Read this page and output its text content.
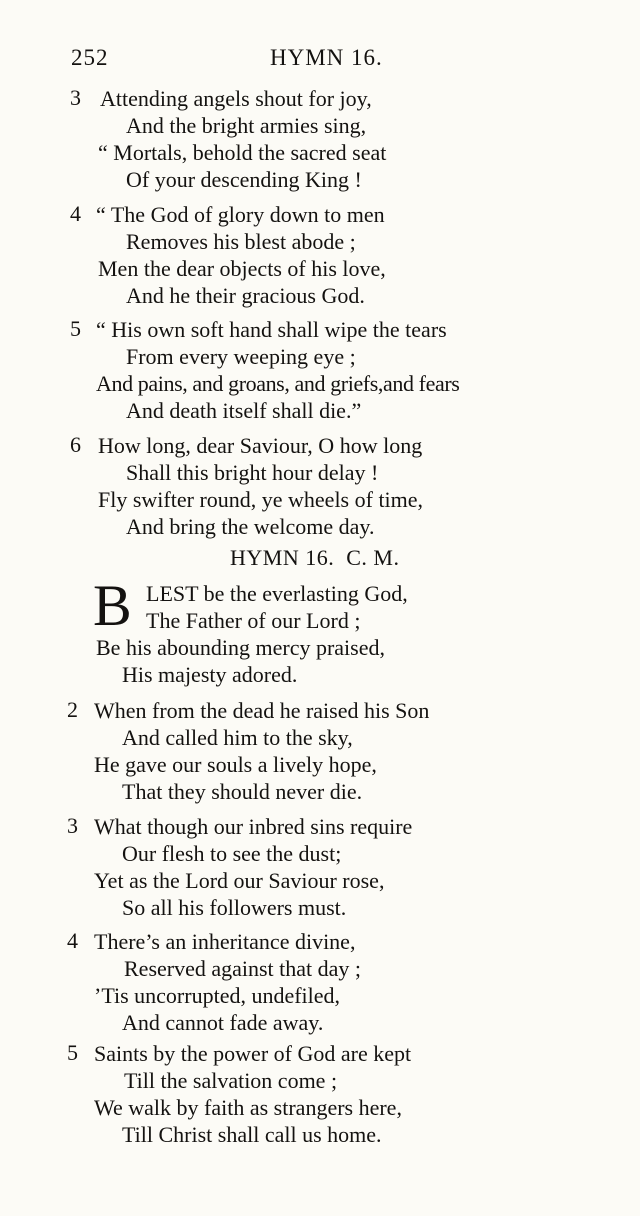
252	HYMN 16.
3 Attending angels shout for joy,
And the bright armies sing,
“ Mortals, behold the sacred seat
Of your descending King !
4 “ The God of glory down to men
Removes his blest abode ;
Men the dear objects of his love,
And he their gracious God.
5 “ His own soft hand shall wipe the tears
From every weeping eye ;
And pains, and groans, and griefs,and fears
And death itself shall die.”
6 How long, dear Saviour, O how long
Shall this bright hour delay !
Fly swifter round, ye wheels of time,
And bring the welcome day.
HYMN 16.  C. M.
B LEST be the everlasting God,
The Father of our Lord ;
Be his abounding mercy praised,
His majesty adored.
2 When from the dead he raised his Son
And called him to the sky,
He gave our souls a lively hope,
That they should never die.
3 What though our inbred sins require
Our flesh to see the dust;
Yet as the Lord our Saviour rose,
So all his followers must.
4 There’s an inheritance divine,
Reserved against that day ;
’Tis uncorrupted, undefiled,
And cannot fade away.
5 Saints by the power of God are kept
Till the salvation come ;
We walk by faith as strangers here,
Till Christ shall call us home.
